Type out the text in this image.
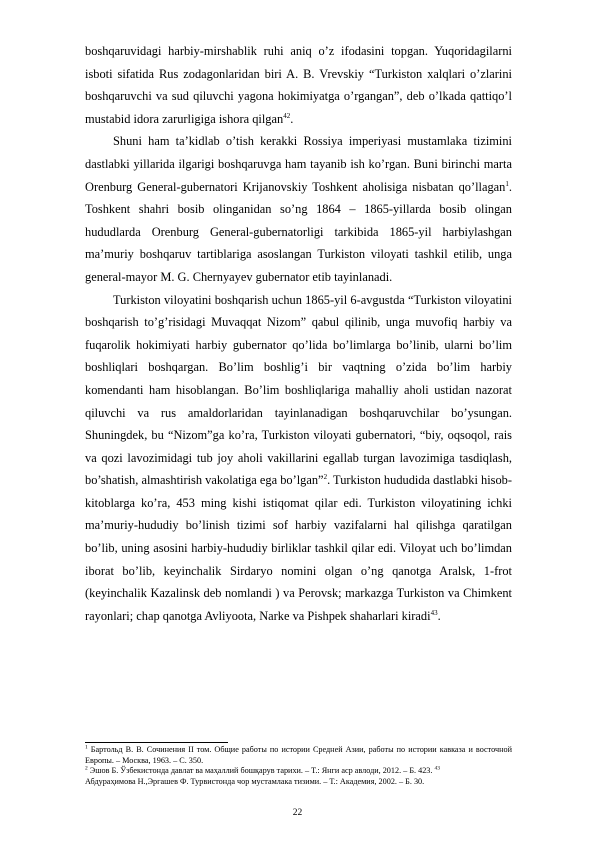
boshqaruvidagi harbiy-mirshablik ruhi aniq o’z ifodasini topgan. Yuqoridagilarni isboti sifatida Rus zodagonlaridan biri A. B. Vrevskiy “Turkiston xalqlari o’zlarini boshqaruvchi va sud qiluvchi yagona hokimiyatga o’rgangan”, deb o’lkada qattiqo’l mustabid idora zarurligiga ishora qilgan$^{42}$.

Shuni ham ta’kidlab o’tish kerakki Rossiya imperiyasi mustamlaka tizimini dastlabki yillarida ilgarigi boshqaruvga ham tayanib ish ko’rgan. Buni birinchi marta Orenburg General-gubernatori Krijanovskiy Toshkent aholisiga nisbatan qo’llagan$^1$. Toshkent shahri bosib olinganidan so’ng 1864 – 1865-yillarda bosib olingan hududlarda Orenburg General-gubernatorligi tarkibida 1865-yil harbiylashgan ma’muriy boshqaruv tartiblariga asoslangan Turkiston viloyati tashkil etilib, unga general-mayor M. G. Chernyayev gubernator etib tayinlanadi.

Turkiston viloyatini boshqarish uchun 1865-yil 6-avgustda “Turkiston viloyatini boshqarish to’g’risidagi Muvaqqat Nizom” qabul qilinib, unga muvofiq harbiy va fuqarolik hokimiyati harbiy gubernator qo’lida bo’limlarga bo’linib, ularni bo’lim boshliqlari boshqargan. Bo’lim boshlig’i bir vaqtning o’zida bo’lim harbiy komendanti ham hisoblangan. Bo’lim boshliqlariga mahalliy aholi ustidan nazorat qiluvchi va rus amaldorlaridan tayinlanadigan boshqaruvchilar bo’ysungan. Shuningdek, bu “Nizom”ga ko’ra, Turkiston viloyati gubernatori, “biy, oqsoqol, rais va qozi lavozimidagi tub joy aholi vakillarini egallab turgan lavozimiga tasdiqlash, bo’shatish, almashtirish vakolatiga ega bo’lgan”$^2$. Turkiston hududida dastlabki hisob-kitoblarga ko’ra, 453 ming kishi istiqomat qilar edi. Turkiston viloyatining ichki ma’muriy-hududiy bo’linish tizimi sof harbiy vazifalarni hal qilishga qaratilgan bo’lib, uning asosini harbiy-hududiy birliklar tashkil qilar edi. Viloyat uch bo’limdan iborat bo’lib, keyinchalik Sirdaryo nomini olgan o’ng qanotga Aralsk, 1-frot (keyinchalik Kazalinsk deb nomlandi ) va Perovsk; markazga Turkiston va Chimkent rayonlari; chap qanotga Avliyoota, Narke va Pishpek shaharlari kiradi$^{43}$.

$^1$ Бартольд В. В. Сочинения II том. Общие работы по истории Средней Азии, работы по истории кавказа и восточной Европы. – Москва, 1963. – С. 350.

$^2$ Эшов Б. Ўзбекистонда давлат ва маҳаллий бошқарув тарихи. – Т.: Янги аср авлоди, 2012. – Б. 423. $^{43}$

Абдураҳимова Н.,Эргашев Ф. Турвистонда чор мустамлака тизими. – Т.: Академия, 2002. – Б. 30.

22
